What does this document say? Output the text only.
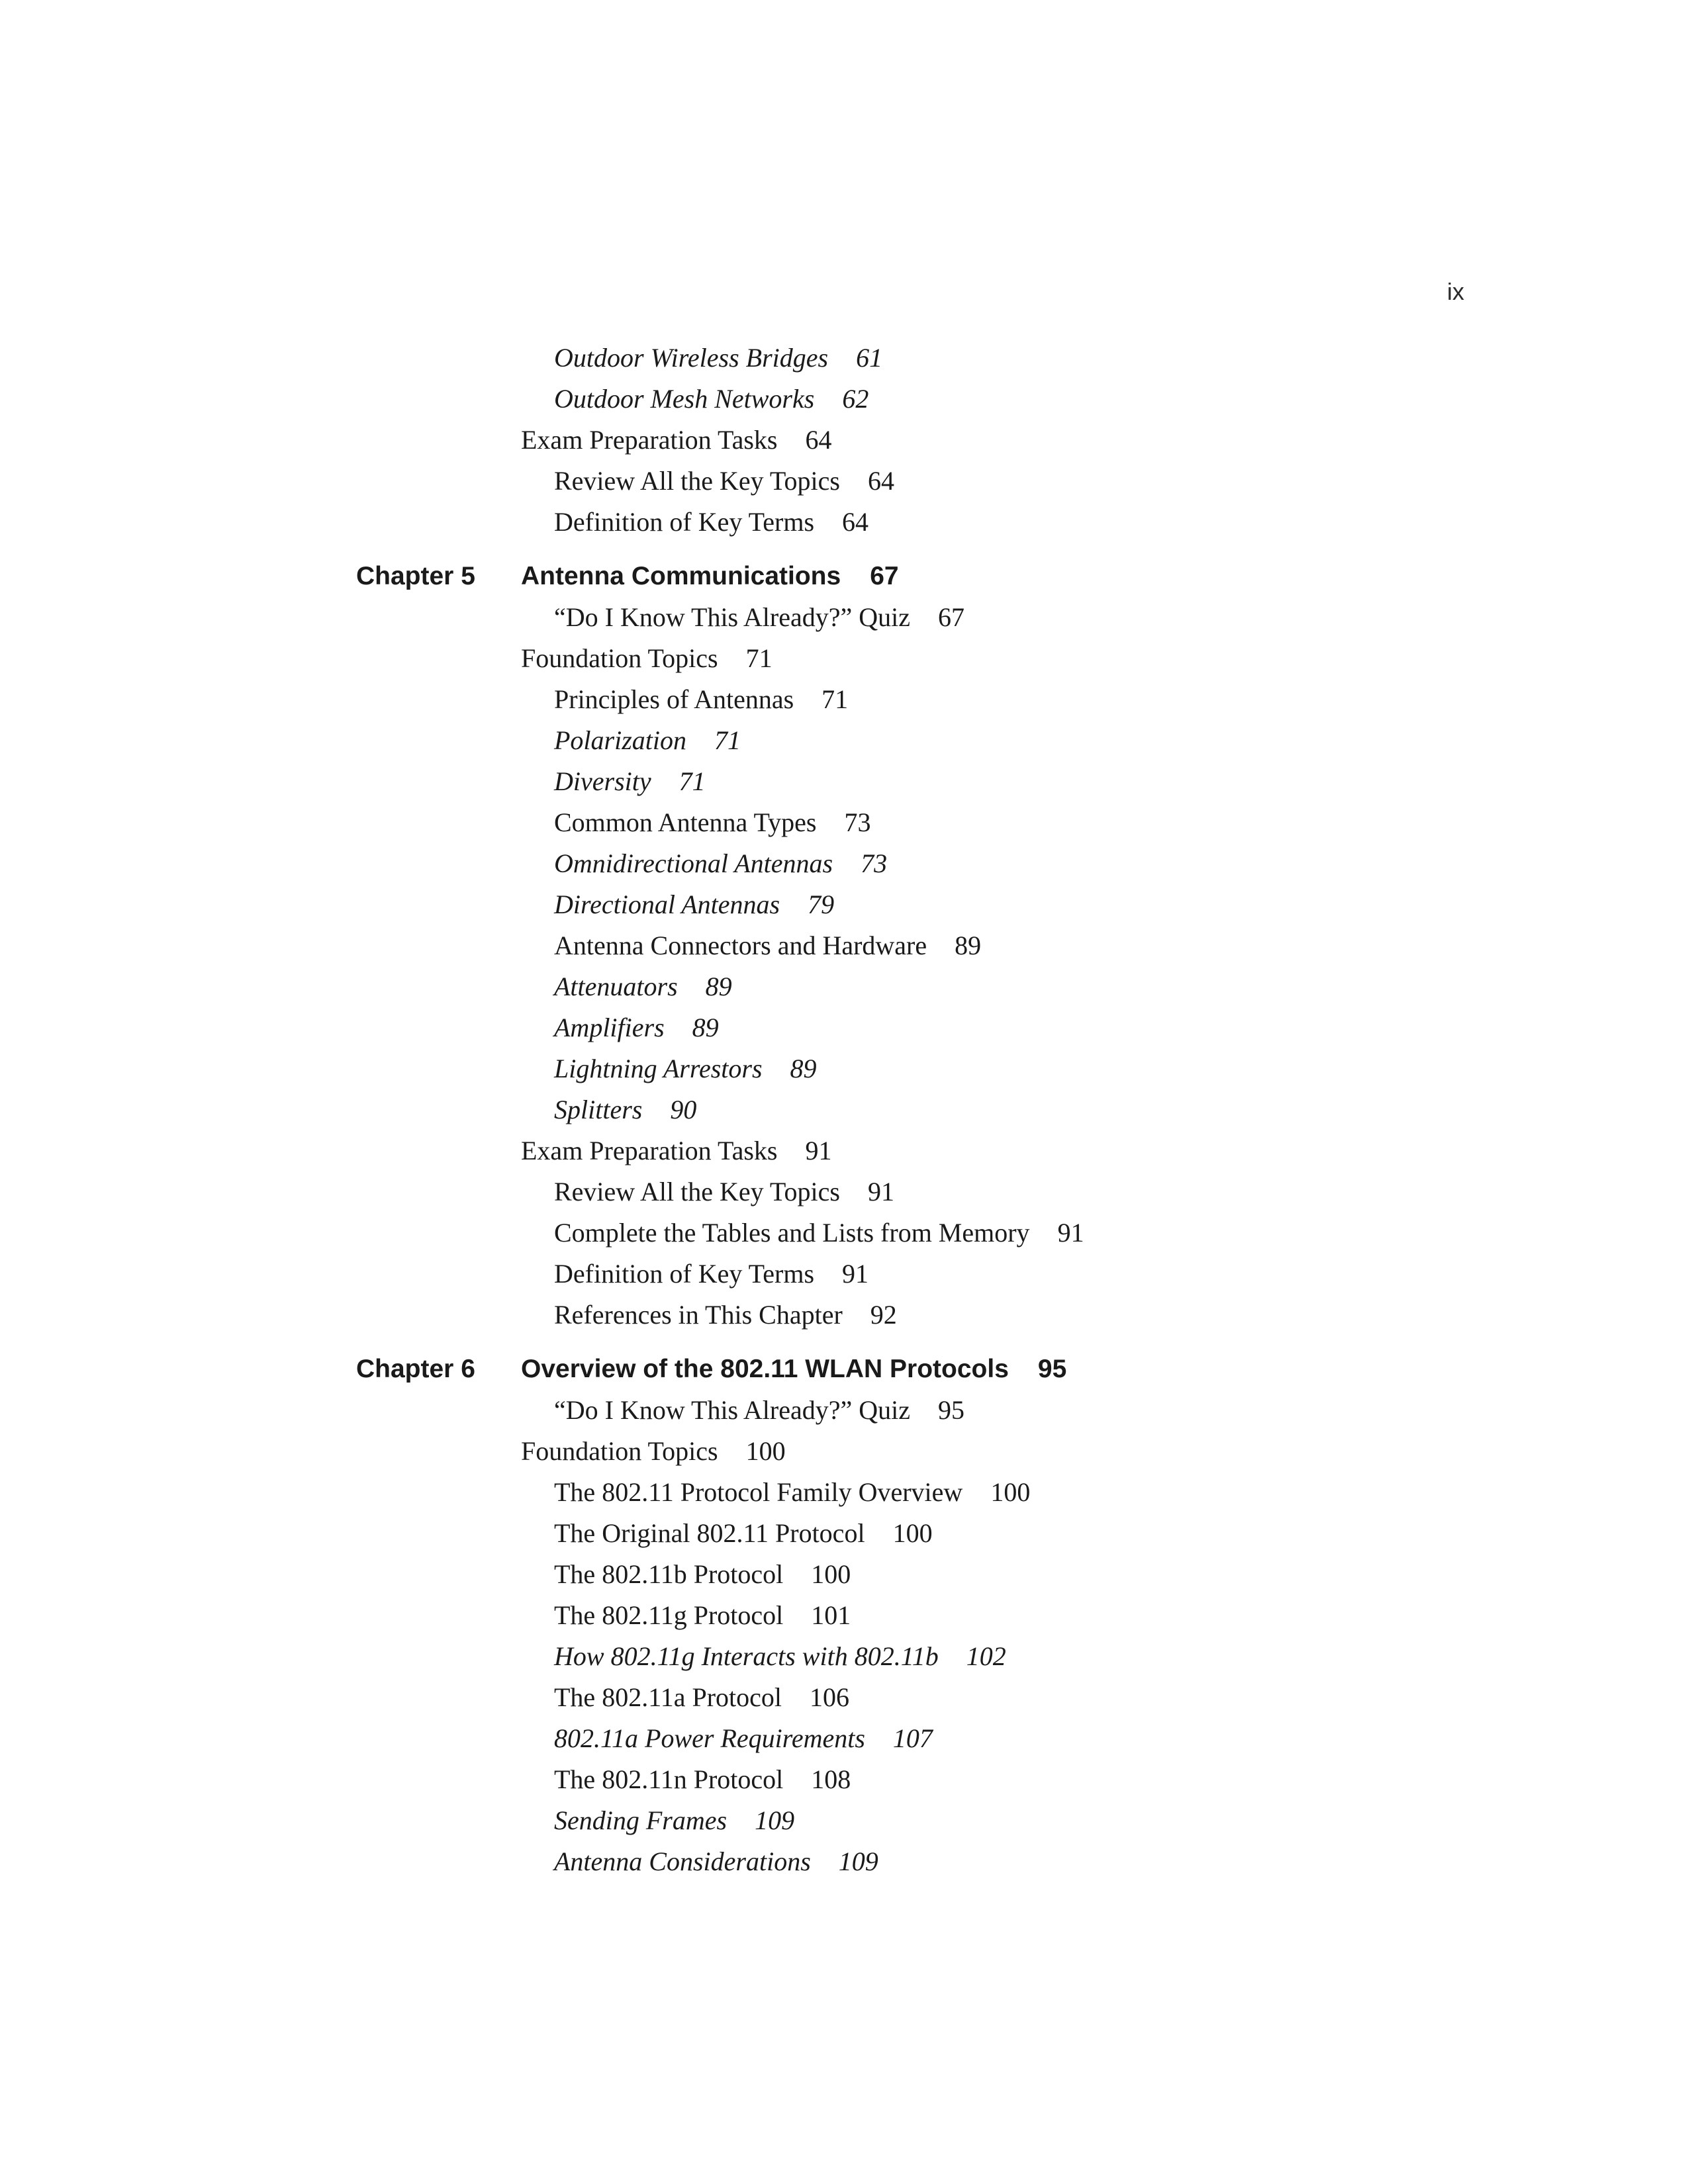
ix
Outdoor Wireless Bridges 61
Outdoor Mesh Networks 62
Exam Preparation Tasks 64
Review All the Key Topics 64
Definition of Key Terms 64
Chapter 5 Antenna Communications 67
“Do I Know This Already?” Quiz 67
Foundation Topics 71
Principles of Antennas 71
Polarization 71
Diversity 71
Common Antenna Types 73
Omnidirectional Antennas 73
Directional Antennas 79
Antenna Connectors and Hardware 89
Attenuators 89
Amplifiers 89
Lightning Arrestors 89
Splitters 90
Exam Preparation Tasks 91
Review All the Key Topics 91
Complete the Tables and Lists from Memory 91
Definition of Key Terms 91
References in This Chapter 92
Chapter 6 Overview of the 802.11 WLAN Protocols 95
“Do I Know This Already?” Quiz 95
Foundation Topics 100
The 802.11 Protocol Family Overview 100
The Original 802.11 Protocol 100
The 802.11b Protocol 100
The 802.11g Protocol 101
How 802.11g Interacts with 802.11b 102
The 802.11a Protocol 106
802.11a Power Requirements 107
The 802.11n Protocol 108
Sending Frames 109
Antenna Considerations 109
